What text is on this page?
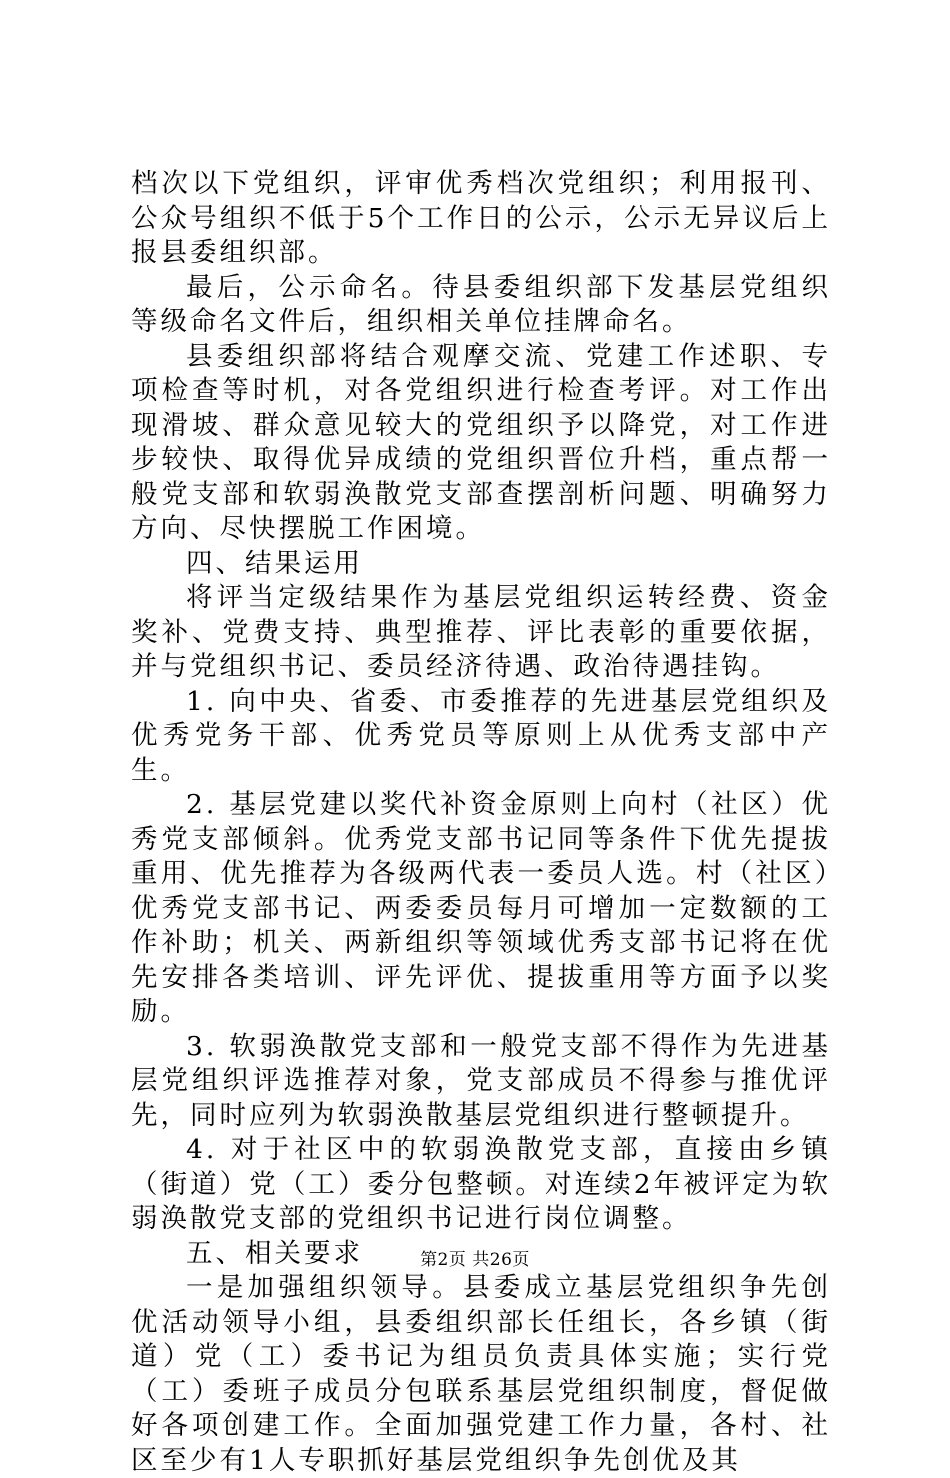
档次以下党组织，评审优秀档次党组织；利用报刊、公众号组织不低于5个工作日的公示，公示无异议后上报县委组织部。

最后，公示命名。待县委组织部下发基层党组织等级命名文件后，组织相关单位挂牌命名。

县委组织部将结合观摩交流、党建工作述职、专项检查等时机，对各党组织进行检查考评。对工作出现滑坡、群众意见较大的党组织予以降党，对工作进步较快、取得优异成绩的党组织晋位升档，重点帮一般党支部和软弱涣散党支部查摆剖析问题、明确努力方向、尽快摆脱工作困境。

四、结果运用

将评当定级结果作为基层党组织运转经费、资金奖补、党费支持、典型推荐、评比表彰的重要依据，并与党组织书记、委员经济待遇、政治待遇挂钩。

1. 向中央、省委、市委推荐的先进基层党组织及优秀党务干部、优秀党员等原则上从优秀支部中产生。

2. 基层党建以奖代补资金原则上向村（社区）优秀党支部倾斜。优秀党支部书记同等条件下优先提拔重用、优先推荐为各级两代表一委员人选。村（社区）优秀党支部书记、两委委员每月可增加一定数额的工作补助；机关、两新组织等领域优秀支部书记将在优先安排各类培训、评先评优、提拔重用等方面予以奖励。

3. 软弱涣散党支部和一般党支部不得作为先进基层党组织评选推荐对象，党支部成员不得参与推优评先，同时应列为软弱涣散基层党组织进行整顿提升。

4. 对于社区中的软弱涣散党支部，直接由乡镇（街道）党（工）委分包整顿。对连续2年被评定为软弱涣散党支部的党组织书记进行岗位调整。

五、相关要求

一是加强组织领导。县委成立基层党组织争先创优活动领导小组，县委组织部长任组长，各乡镇（街道）党（工）委书记为组员负责具体实施；实行党（工）委班子成员分包联系基层党组织制度，督促做好各项创建工作。全面加强党建工作力量，各村、社区至少有1人专职抓好基层党组织争先创优及其

第2页 共26页
